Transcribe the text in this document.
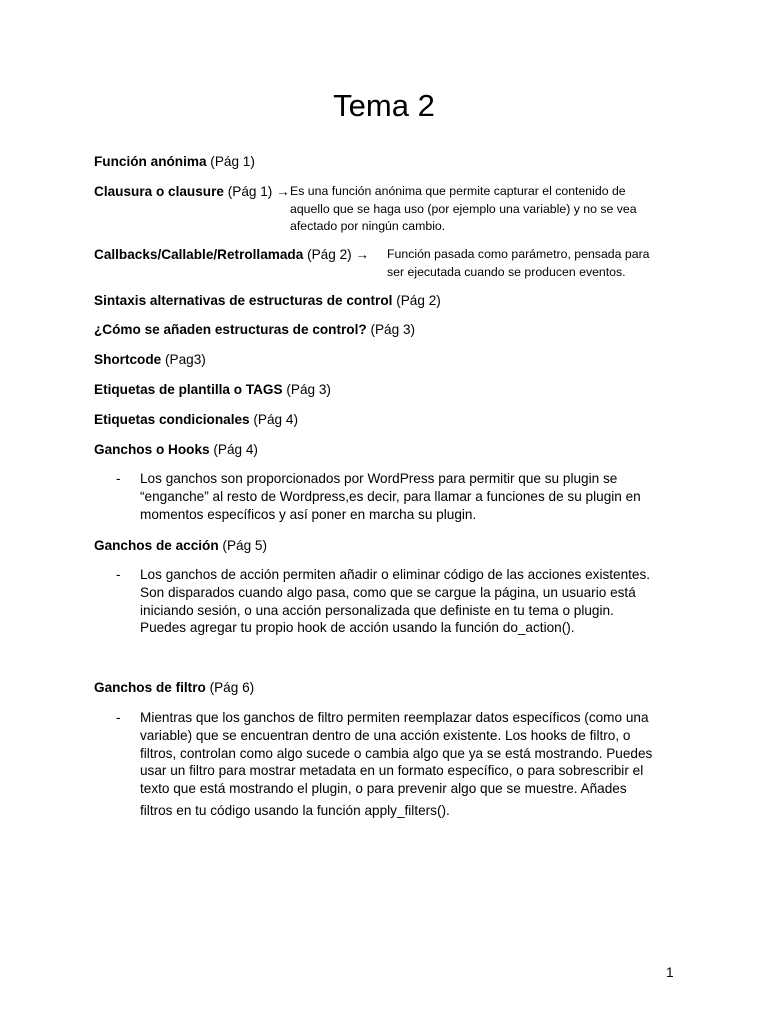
Tema 2
Función anónima (Pág 1)
Clausura o clausure (Pág 1) → Es una función anónima que permite capturar el contenido de
aquello que se haga uso (por ejemplo una variable) y no se vea
afectado por ningún cambio.
Callbacks/Callable/Retrollamada (Pág 2) → Función pasada como parámetro, pensada para
ser ejecutada cuando se producen eventos.
Sintaxis alternativas de estructuras de control (Pág 2)
¿Cómo se añaden estructuras de control? (Pág 3)
Shortcode (Pag3)
Etiquetas de plantilla o TAGS (Pág 3)
Etiquetas condicionales (Pág 4)
Ganchos o Hooks (Pág 4)
- Los ganchos son proporcionados por WordPress para permitir que su plugin se
“enganche” al resto de Wordpress,es decir, para llamar a funciones de su plugin en
momentos específicos y así poner en marcha su plugin.

Ganchos de acción (Pág 5)
- Los ganchos de acción permiten añadir o eliminar código de las acciones existentes.
Son disparados cuando algo pasa, como que se cargue la página, un usuario está
iniciando sesión, o una acción personalizada que definiste en tu tema o plugin.
Puedes agregar tu propio hook de acción usando la función do_action().

Ganchos de filtro (Pág 6)
- Mientras que los ganchos de filtro permiten reemplazar datos específicos (como una
variable) que se encuentran dentro de una acción existente. Los hooks de filtro, o
filtros, controlan como algo sucede o cambia algo que ya se está mostrando. Puedes
usar un filtro para mostrar metadata en un formato específico, o para sobrescribir el
texto que está mostrando el plugin, o para prevenir algo que se muestre. Añades
filtros en tu código usando la función apply_filters().

1
